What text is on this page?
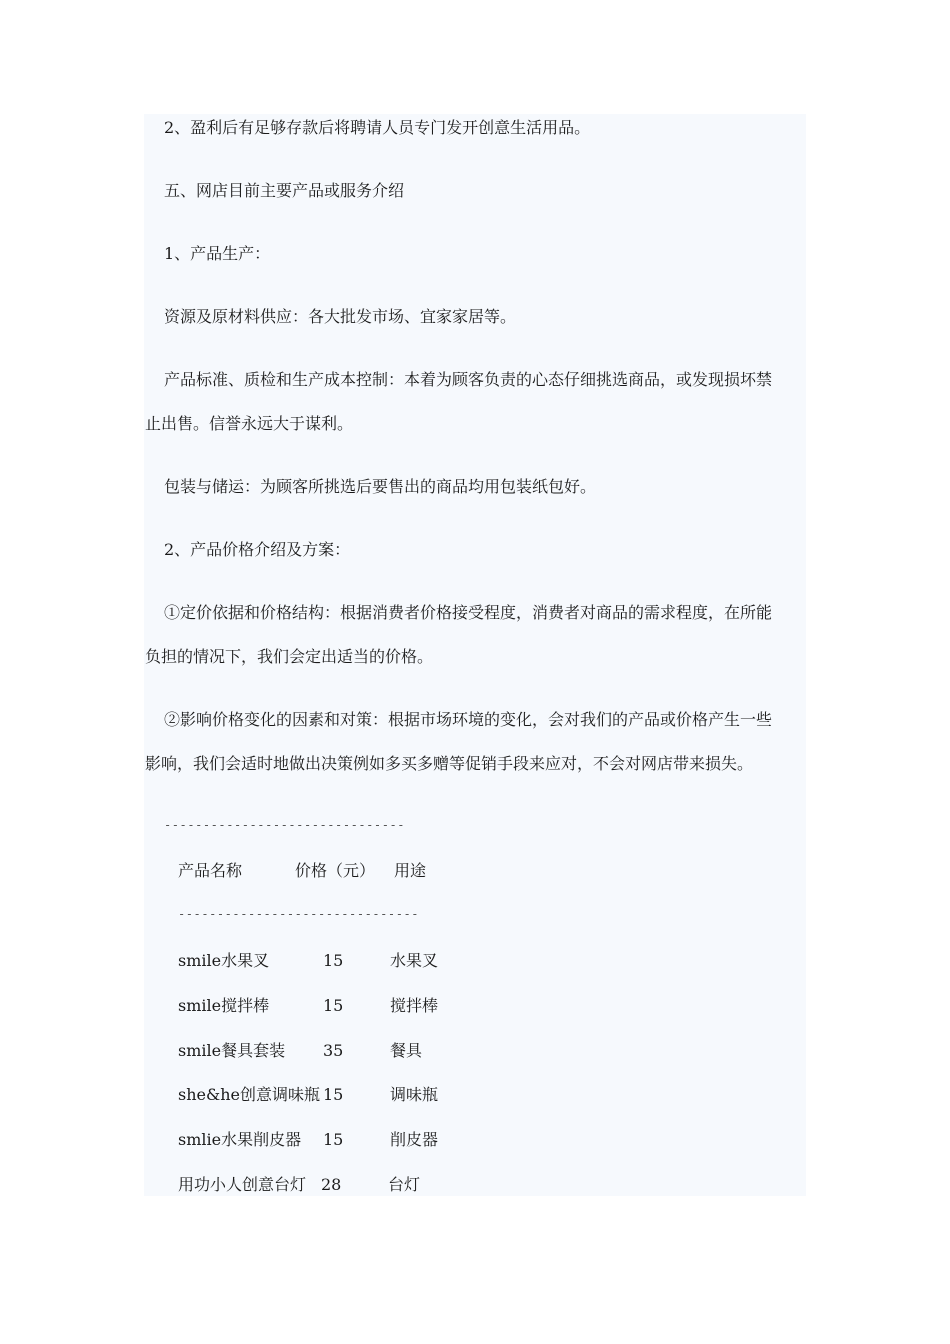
2、盈利后有足够存款后将聘请人员专门发开创意生活用品。
五、网店目前主要产品或服务介绍
1、产品生产：
资源及原材料供应：各大批发市场、宜家家居等。
产品标准、质检和生产成本控制：本着为顾客负责的心态仔细挑选商品，或发现损坏禁
止出售。信誉永远大于谋利。
包装与储运：为顾客所挑选后要售出的商品均用包装纸包好。
2、产品价格介绍及方案：
①定价依据和价格结构：根据消费者价格接受程度，消费者对商品的需求程度，在所能
负担的情况下，我们会定出适当的价格。
②影响价格变化的因素和对策：根据市场环境的变化，会对我们的产品或价格产生一些
影响，我们会适时地做出决策例如多买多赠等促销手段来应对，不会对网店带来损失。
-------------------------------
产品名称	价格（元） 用途
-------------------------------
smile水果叉	15	水果叉
smile搅拌棒	15	搅拌棒
smile餐具套装 35	餐具
she&he创意调味瓶 15	调味瓶
smlie水果削皮器 15	削皮器
用功小人创意台灯 28	台灯
